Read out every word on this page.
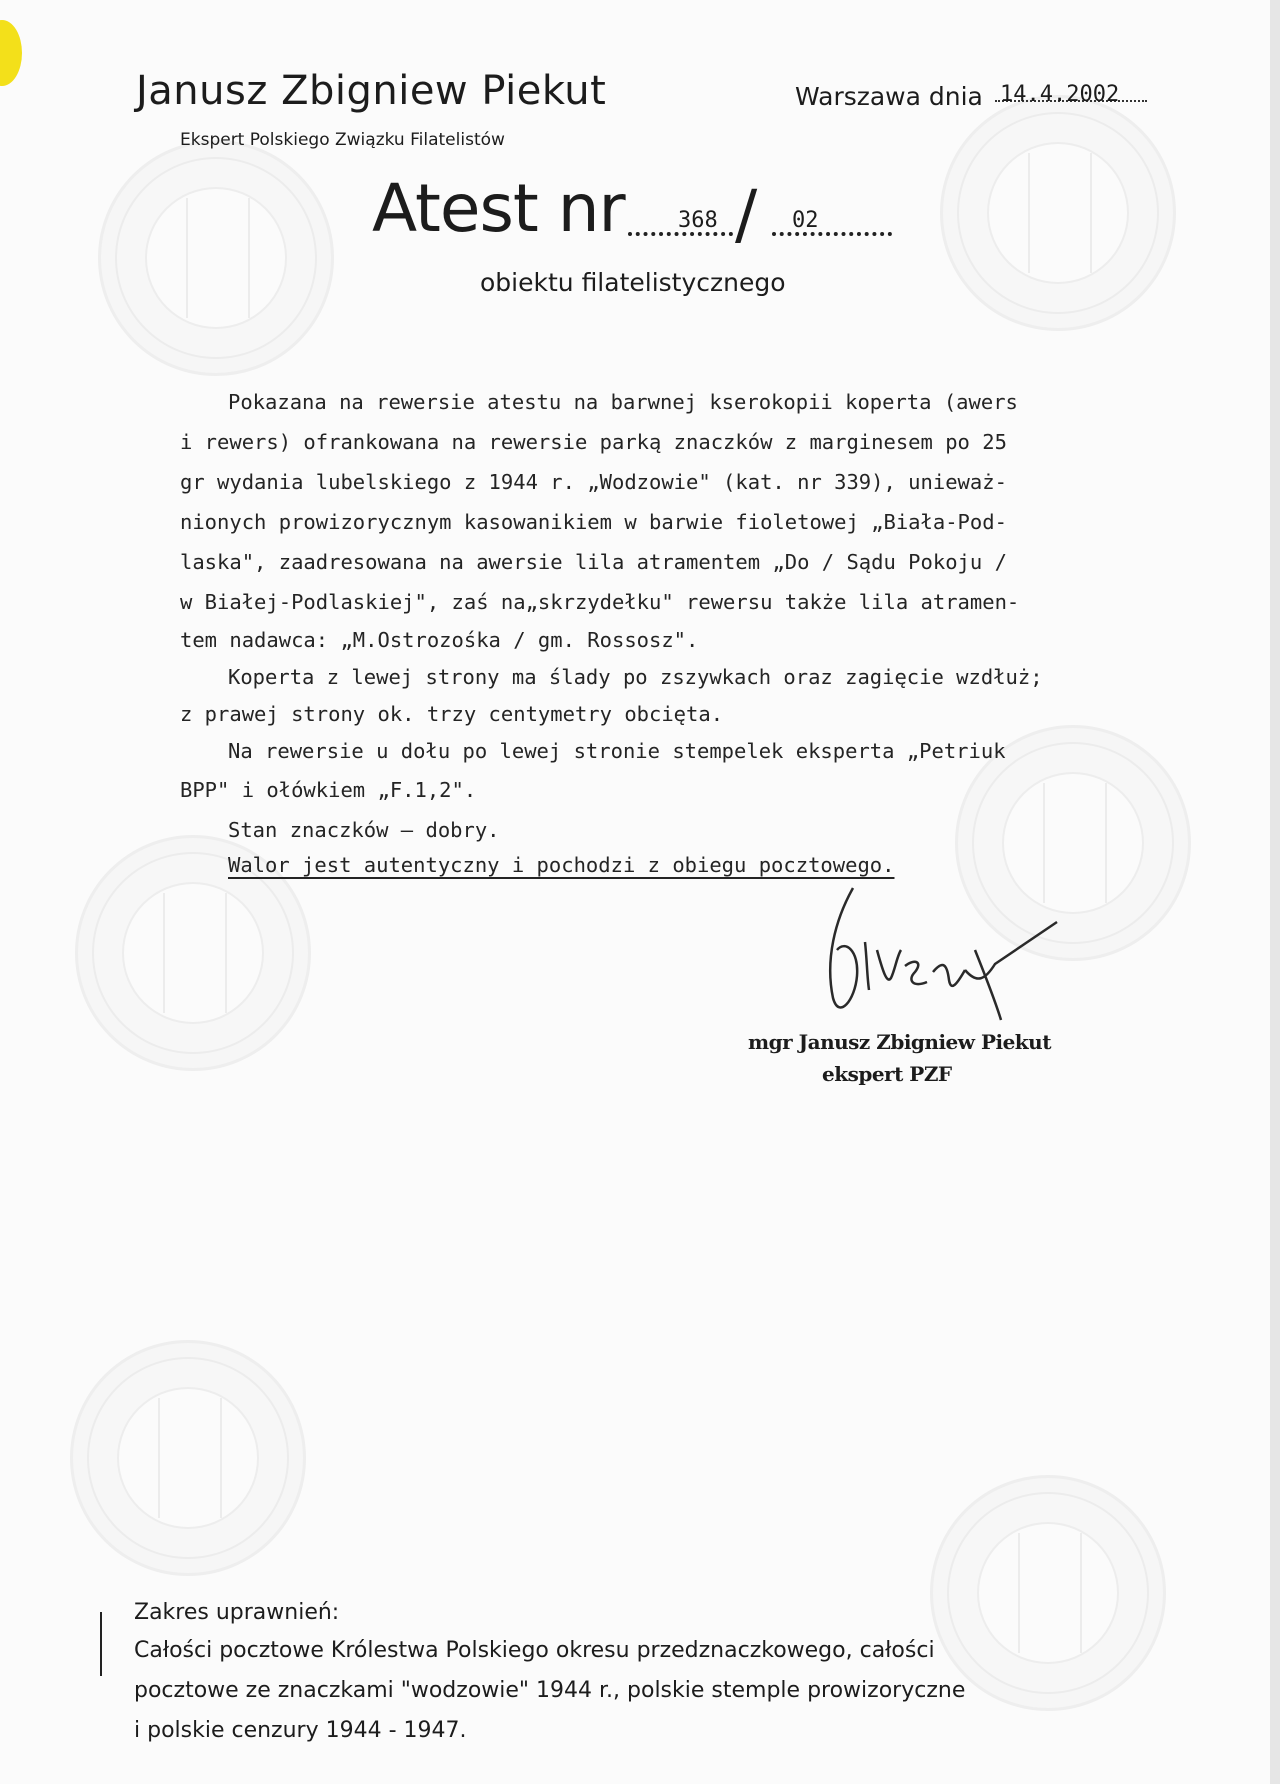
Janusz Zbigniew Piekut
Ekspert Polskiego Związku Filatelistów
Warszawa dnia 14.4.2002
Atest nr 368 / 02
obiektu filatelistycznego
Pokazana na rewersie atestu na barwnej kserokopii koperta (awers
i rewers) ofrankowana na rewersie parką znaczków z marginesem po 25
gr wydania lubelskiego z 1944 r. „Wodzowie" (kat. nr 339), unieważ-
nionych prowizorycznym kasowanikiem w barwie fioletowej „Biała-Pod-
laska", zaadresowana na awersie lila atramentem „Do / Sądu Pokoju /
w Białej-Podlaskiej", zaś na„skrzydełku" rewersu także lila atramen-
tem nadawca: „M.Ostrozośka / gm. Rossosz".
Koperta z lewej strony ma ślady po zszywkach oraz zagięcie wzdłuż;
z prawej strony ok. trzy centymetry obcięta.
Na rewersie u dołu po lewej stronie stempelek eksperta „Petriuk
BPP" i ołówkiem „F.1,2".
Stan znaczków — dobry.
Walor jest autentyczny i pochodzi z obiegu pocztowego.
mgr Janusz Zbigniew Piekut
ekspert PZF
Zakres uprawnień:
Całości pocztowe Królestwa Polskiego okresu przedznaczkowego, całości
pocztowe ze znaczkami "wodzowie" 1944 r., polskie stemple prowizoryczne
i polskie cenzury 1944 - 1947.
